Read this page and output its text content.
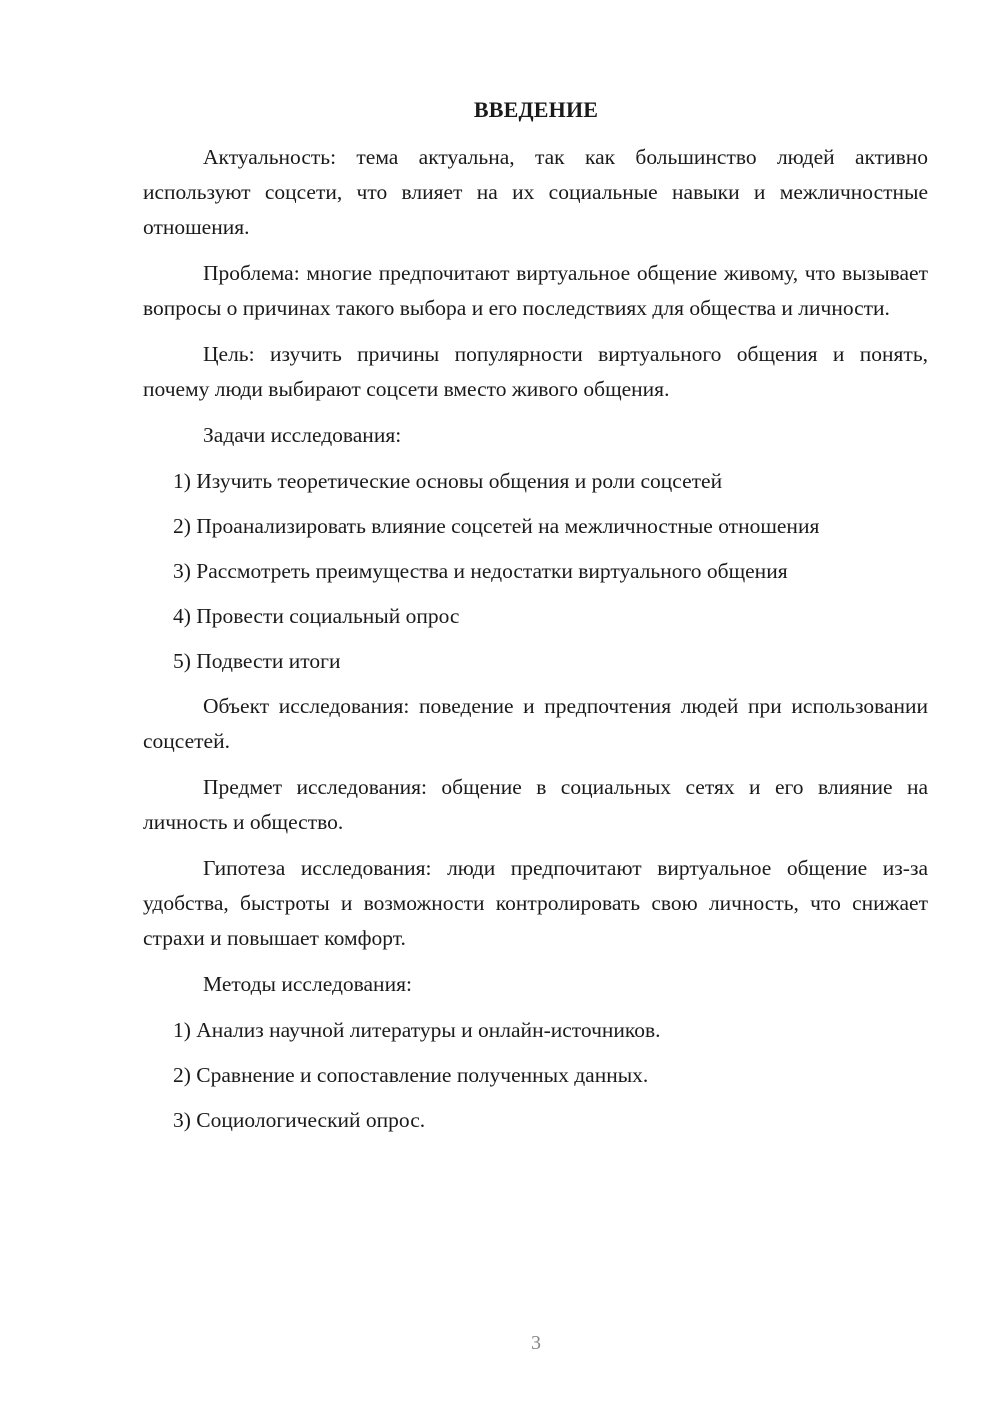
ВВЕДЕНИЕ

Актуальность: тема актуальна, так как большинство людей активно используют соцсети, что влияет на их социальные навыки и межличностные отношения.

Проблема: многие предпочитают виртуальное общение живому, что вызывает вопросы о причинах такого выбора и его последствиях для общества и личности.

Цель: изучить причины популярности виртуального общения и понять, почему люди выбирают соцсети вместо живого общения.

Задачи исследования:

1) Изучить теоретические основы общения и роли соцсетей
2) Проанализировать влияние соцсетей на межличностные отношения
3) Рассмотреть преимущества и недостатки виртуального общения
4) Провести социальный опрос
5) Подвести итоги

Объект исследования: поведение и предпочтения людей при использовании соцсетей.

Предмет исследования: общение в социальных сетях и его влияние на личность и общество.

Гипотеза исследования: люди предпочитают виртуальное общение из-за удобства, быстроты и возможности контролировать свою личность, что снижает страхи и повышает комфорт.

Методы исследования:

1) Анализ научной литературы и онлайн-источников.
2) Сравнение и сопоставление полученных данных.
3) Социологический опрос.
3
